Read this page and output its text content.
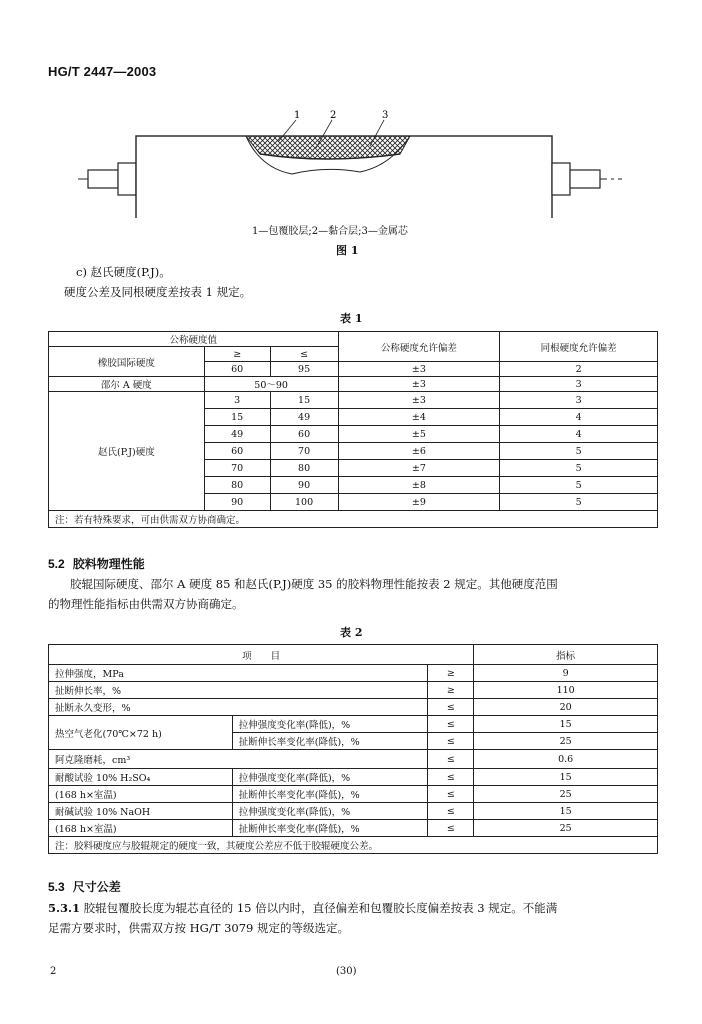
HG/T 2447—2003
1	2	3
1—包覆胶层;2—黏合层;3—金属芯
图 1
c) 赵氏硬度(P.J)。
硬度公差及同根硬度差按表 1 规定。
表 1
公称硬度值			公称硬度允许偏差	同根硬度允许偏差
橡胶国际硬度	≥	≤		
	60	95	±3	2
邵尔 A 硬度	50～90		±3	3
赵氏(P.J)硬度	3	15	±3	3
	15	49	±4	4
	49	60	±5	4
	60	70	±6	5
	70	80	±7	5
	80	90	±8	5
	90	100	±9	5
注：若有特殊要求，可由供需双方协商确定。				
5.2 胶料物理性能
胶辊国际硬度、邵尔 A 硬度 85 和赵氏(P.J)硬度 35 的胶料物理性能按表 2 规定。其他硬度范围
的物理性能指标由供需双方协商确定。
表 2
项　　目			指标
拉伸强度，MPa		≥	9
扯断伸长率，%		≥	110
扯断永久变形，%		≤	20
热空气老化(70℃×72 h)	拉伸强度变化率(降低)，%	≤	15
	扯断伸长率变化率(降低)，%	≤	25
阿克隆磨耗，cm³		≤	0.6
耐酸试验 10% H₂SO₄	拉伸强度变化率(降低)，%	≤	15
(168 h×室温)	扯断伸长率变化率(降低)，%	≤	25
耐碱试验 10% NaOH	拉伸强度变化率(降低)，%	≤	15
(168 h×室温)	扯断伸长率变化率(降低)，%	≤	25
注：胶料硬度应与胶辊规定的硬度一致，其硬度公差应不低于胶辊硬度公差。			
5.3 尺寸公差
5.3.1 胶辊包覆胶长度为辊芯直径的 15 倍以内时，直径偏差和包覆胶长度偏差按表 3 规定。不能满
足需方要求时，供需双方按 HG/T 3079 规定的等级选定。
2	(30)
